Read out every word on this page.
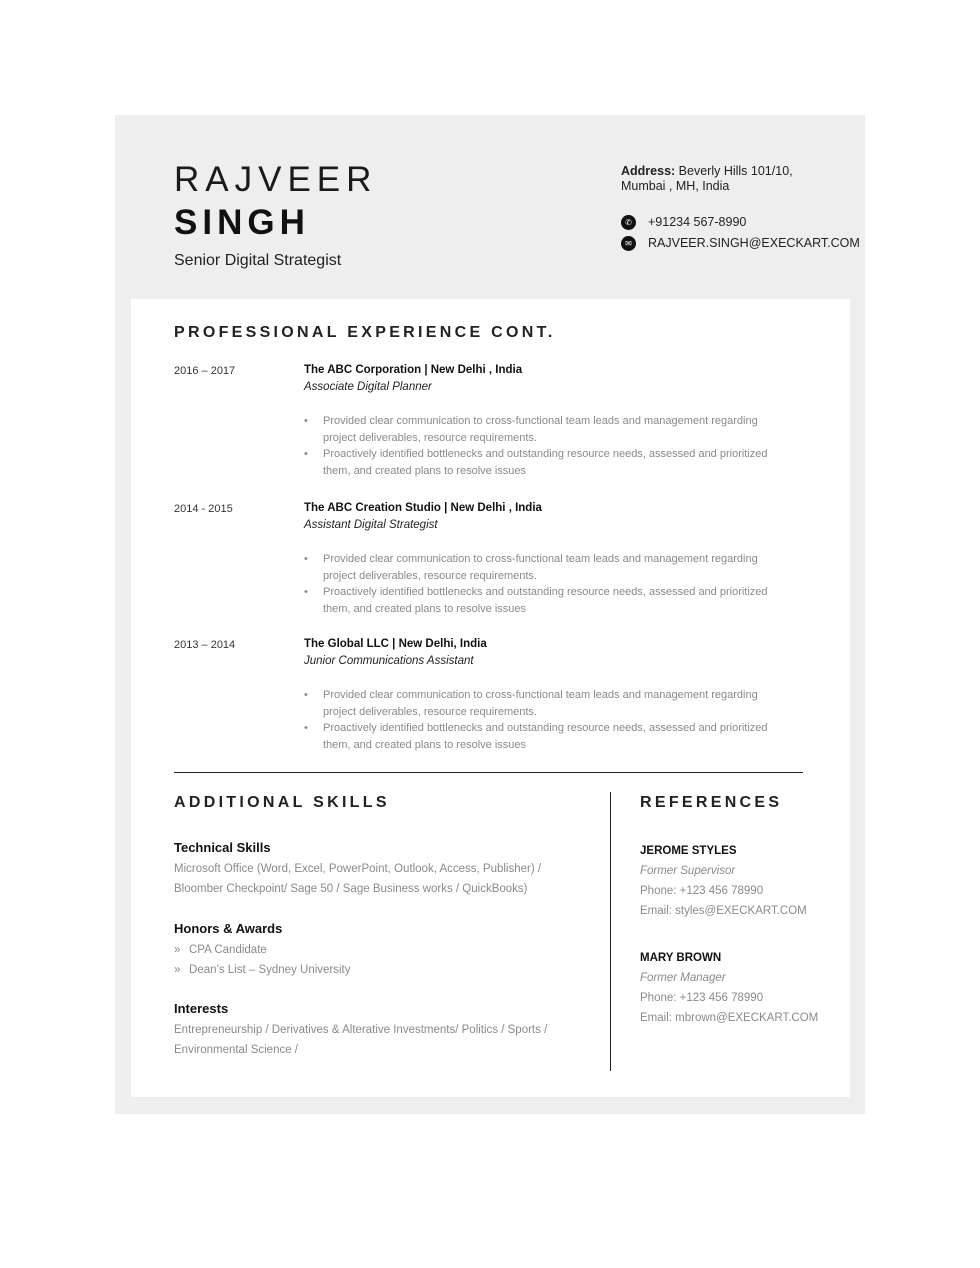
RAJVEER
SINGH
Senior Digital Strategist
Address: Beverly Hills 101/10, Mumbai , MH, India
✆	+91234 567-8990
✉	RAJVEER.SINGH@EXECKART.COM
PROFESSIONAL EXPERIENCE CONT.
2016 – 2017	The ABC Corporation | New Delhi , India
Associate Digital Planner
• Provided clear communication to cross-functional team leads and management regarding project deliverables, resource requirements.
• Proactively identified bottlenecks and outstanding resource needs, assessed and prioritized them, and created plans to resolve issues
2014 - 2015	The ABC Creation Studio | New Delhi , India
Assistant Digital Strategist
• Provided clear communication to cross-functional team leads and management regarding project deliverables, resource requirements.
• Proactively identified bottlenecks and outstanding resource needs, assessed and prioritized them, and created plans to resolve issues
2013 – 2014	The Global LLC | New Delhi, India
Junior Communications Assistant
• Provided clear communication to cross-functional team leads and management regarding project deliverables, resource requirements.
• Proactively identified bottlenecks and outstanding resource needs, assessed and prioritized them, and created plans to resolve issues
ADDITIONAL SKILLS
Technical Skills
Microsoft Office (Word, Excel, PowerPoint, Outlook, Access, Publisher) / Bloomber Checkpoint/ Sage 50 / Sage Business works / QuickBooks)
Honors & Awards
» CPA Candidate
» Dean’s List – Sydney University
Interests
Entrepreneurship / Derivatives & Alterative Investments/ Politics / Sports / Environmental Science /
REFERENCES
JEROME STYLES
Former Supervisor
Phone: +123 456 78990
Email: styles@EXECKART.COM
MARY BROWN
Former Manager
Phone: +123 456 78990
Email: mbrown@EXECKART.COM
